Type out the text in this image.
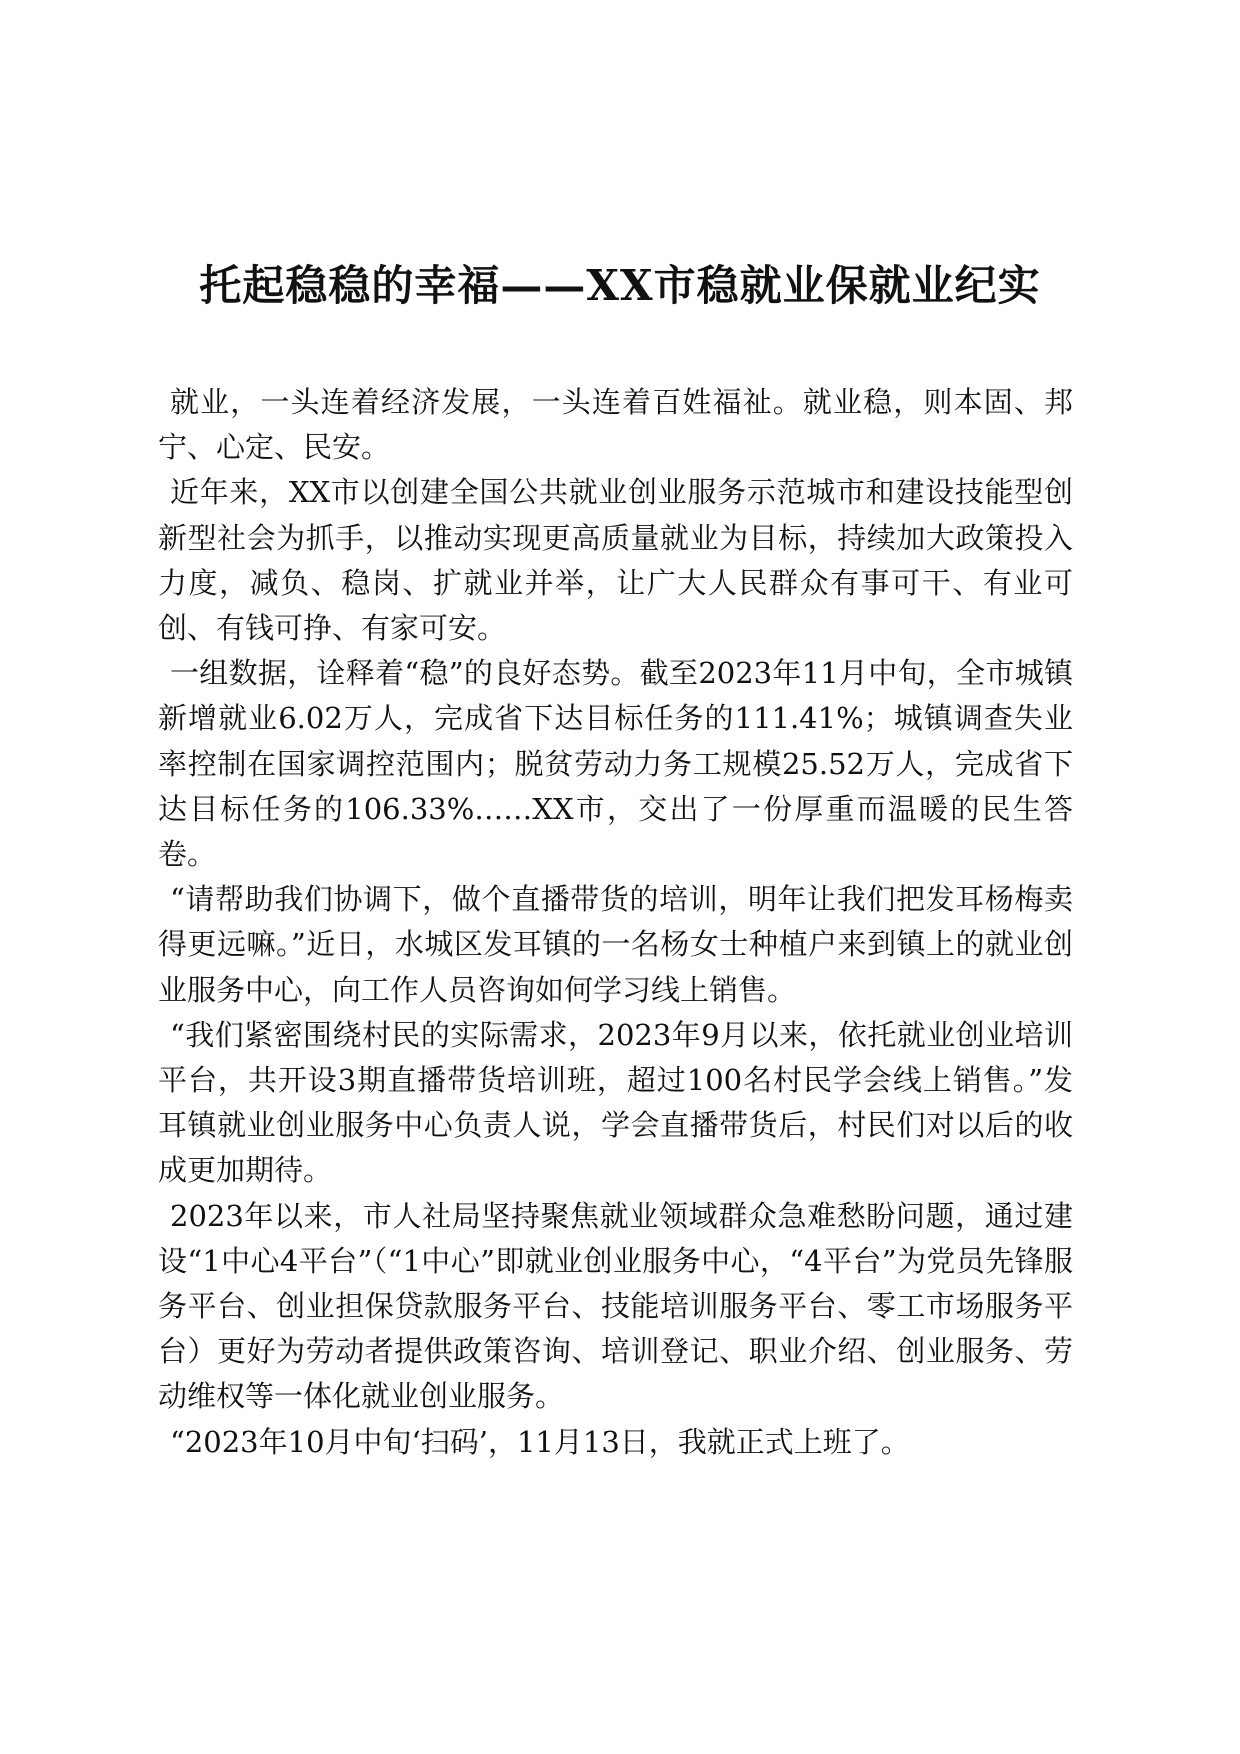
托起稳稳的幸福——XX市稳就业保就业纪实

就业，一头连着经济发展，一头连着百姓福祉。就业稳，则本固、邦宁、心定、民安。

近年来，XX市以创建全国公共就业创业服务示范城市和建设技能型创新型社会为抓手，以推动实现更高质量就业为目标，持续加大政策投入力度，减负、稳岗、扩就业并举，让广大人民群众有事可干、有业可创、有钱可挣、有家可安。

一组数据，诠释着“稳”的良好态势。截至2023年11月中旬，全市城镇新增就业6.02万人，完成省下达目标任务的111.41%；城镇调查失业率控制在国家调控范围内；脱贫劳动力务工规模25.52万人，完成省下达目标任务的106.33%……XX市，交出了一份厚重而温暖的民生答卷。

“请帮助我们协调下，做个直播带货的培训，明年让我们把发耳杨梅卖得更远嘛。”近日，水城区发耳镇的一名杨女士种植户来到镇上的就业创业服务中心，向工作人员咨询如何学习线上销售。

“我们紧密围绕村民的实际需求，2023年9月以来，依托就业创业培训平台，共开设3期直播带货培训班，超过100名村民学会线上销售。”发耳镇就业创业服务中心负责人说，学会直播带货后，村民们对以后的收成更加期待。

2023年以来，市人社局坚持聚焦就业领域群众急难愁盼问题，通过建设“1中心4平台”（“1中心”即就业创业服务中心，“4平台”为党员先锋服务平台、创业担保贷款服务平台、技能培训服务平台、零工市场服务平台）更好为劳动者提供政策咨询、培训登记、职业介绍、创业服务、劳动维权等一体化就业创业服务。

“2023年10月中旬‘扫码’，11月13日，我就正式上班了。
